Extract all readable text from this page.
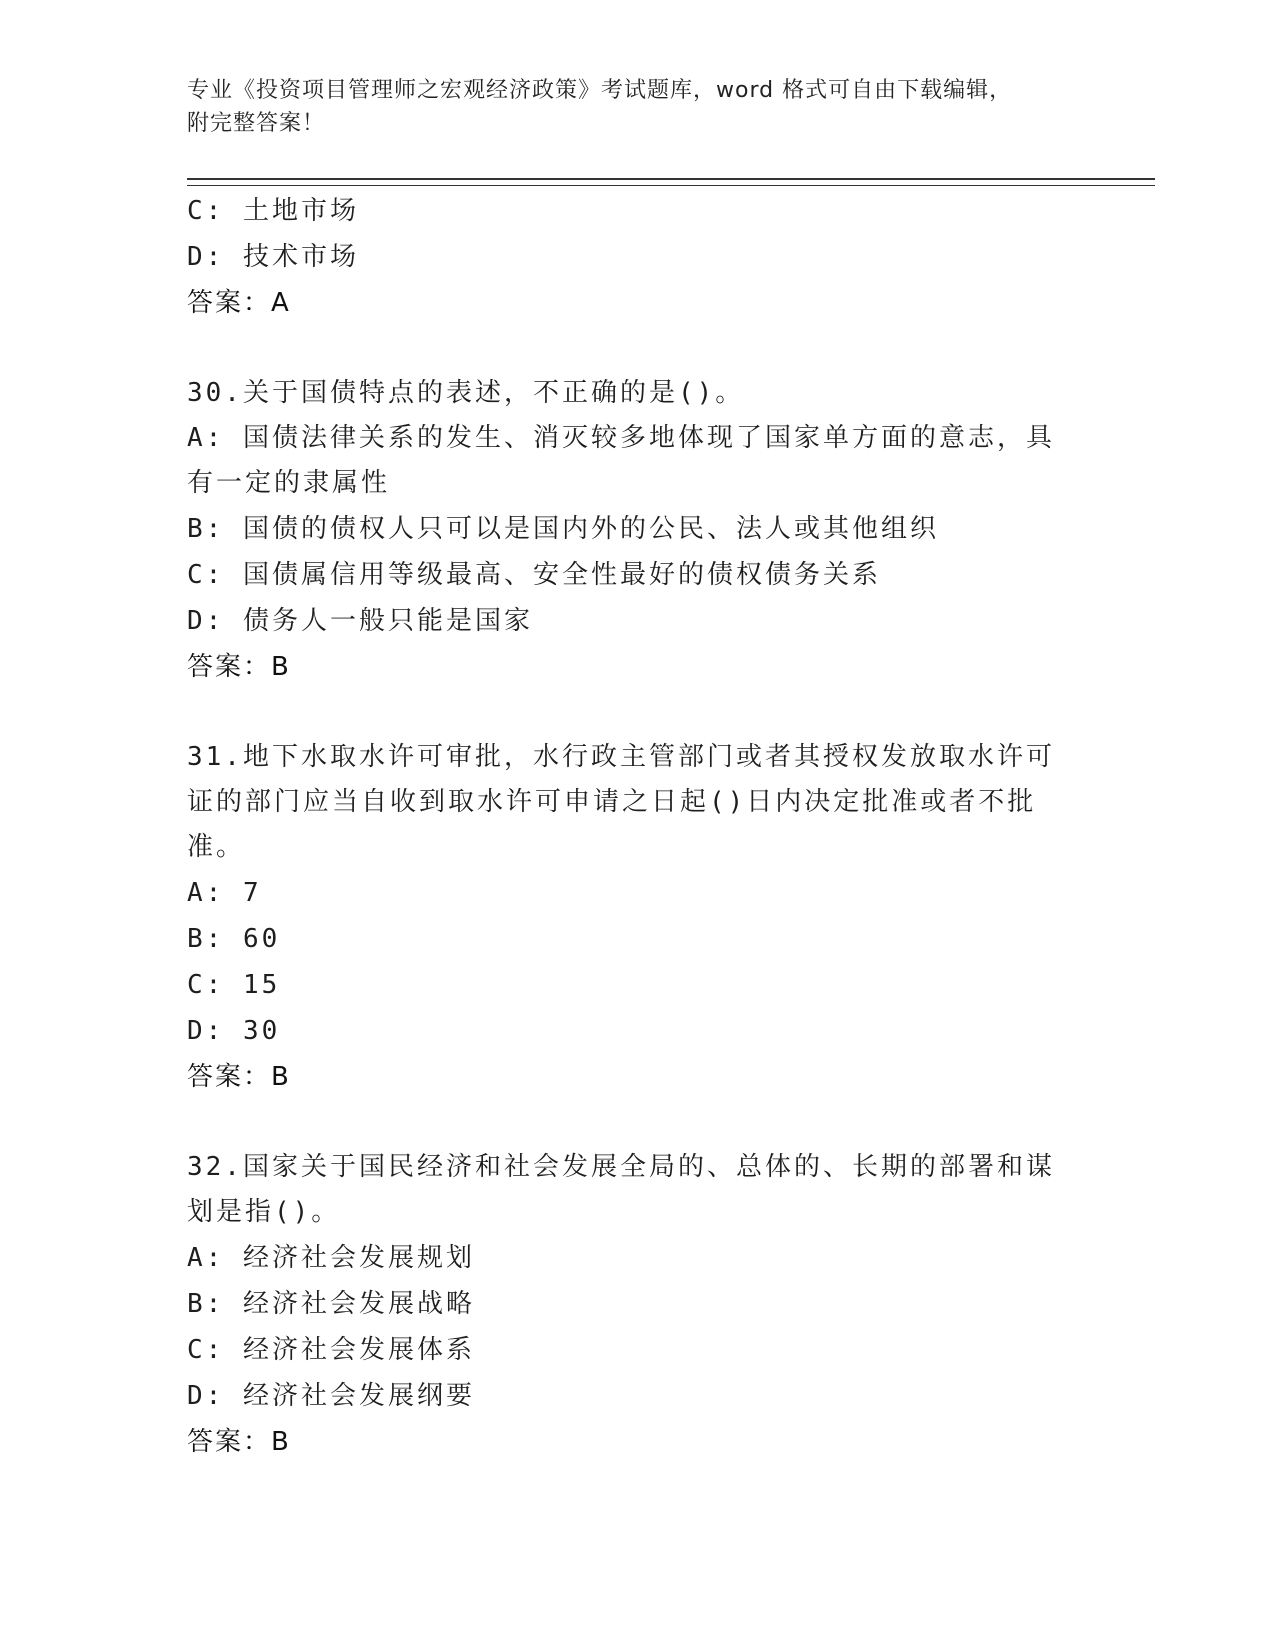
专业《投资项目管理师之宏观经济政策》考试题库，word 格式可自由下载编辑，
附完整答案！
C: 土地市场
D: 技术市场
答案：A
30.关于国债特点的表述，不正确的是()。
A: 国债法律关系的发生、消灭较多地体现了国家单方面的意志，具有一定的隶属性
B: 国债的债权人只可以是国内外的公民、法人或其他组织
C: 国债属信用等级最高、安全性最好的债权债务关系
D: 债务人一般只能是国家
答案：B
31.地下水取水许可审批，水行政主管部门或者其授权发放取水许可证的部门应当自收到取水许可申请之日起()日内决定批准或者不批准。
A: 7
B: 60
C: 15
D: 30
答案：B
32.国家关于国民经济和社会发展全局的、总体的、长期的部署和谋划是指()。
A: 经济社会发展规划
B: 经济社会发展战略
C: 经济社会发展体系
D: 经济社会发展纲要
答案：B
